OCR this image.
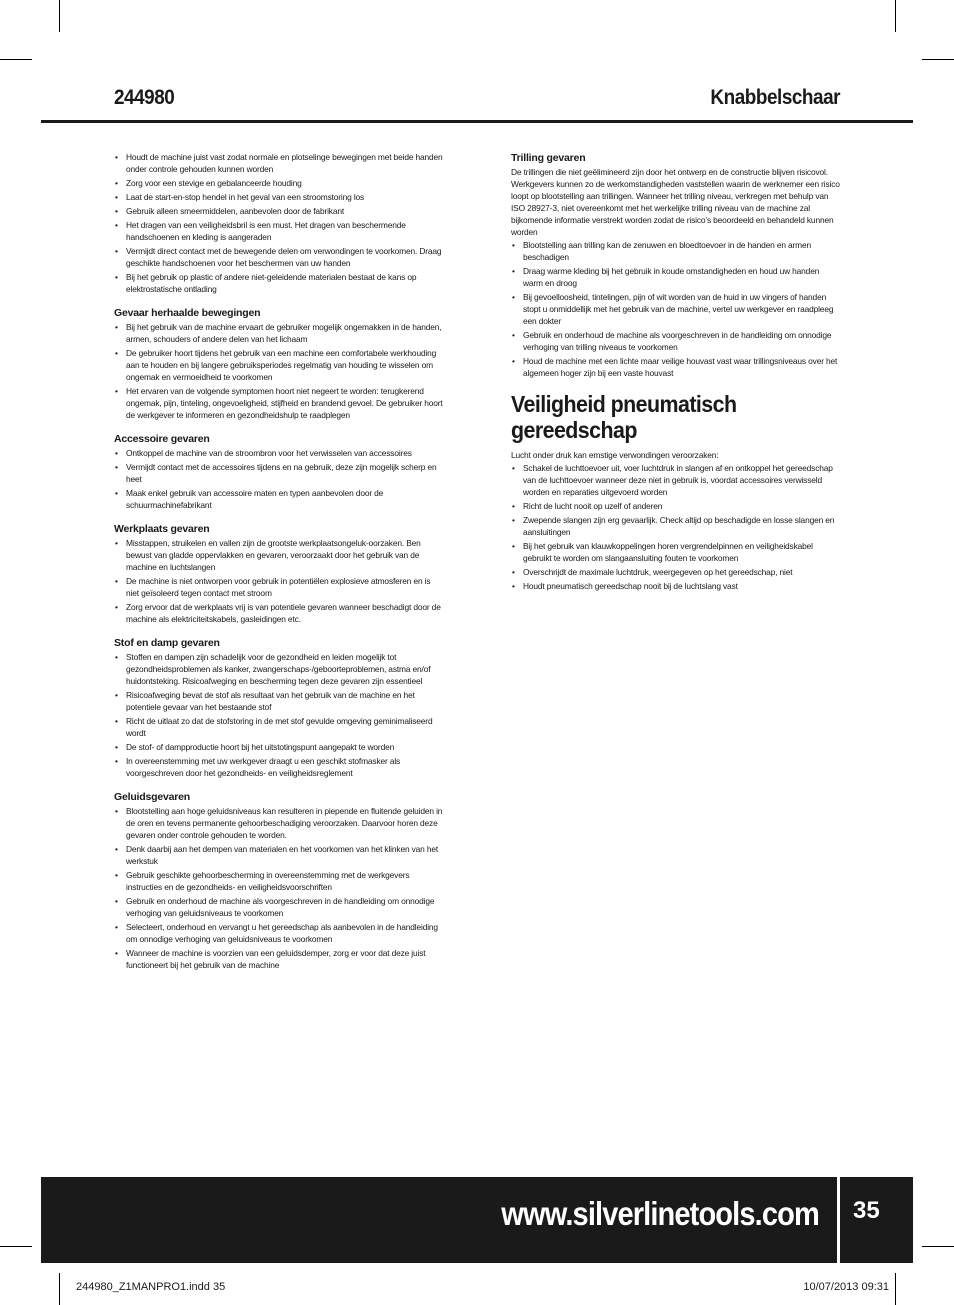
244980	Knabbelschaar
• Houdt de machine juist vast zodat normale en plotselinge bewegingen met beide handen onder controle gehouden kunnen worden
• Zorg voor een stevige en gebalanceerde houding
• Laat de start-en-stop hendel in het geval van een stroomstoring los
• Gebruik alleen smeermiddelen, aanbevolen door de fabrikant
• Het dragen van een veiligheidsbril is een must. Het dragen van beschermende handschoenen en kleding is aangeraden
• Vermijdt direct contact met de bewegende delen om verwondingen te voorkomen. Draag geschikte handschoenen voor het beschermen van uw handen
• Bij het gebruik op plastic of andere niet-geleidende materialen bestaat de kans op elektrostatische ontlading
Gevaar herhaalde bewegingen
• Bij het gebruik van de machine ervaart de gebruiker mogelijk ongemakken in de handen, armen, schouders of andere delen van het lichaam
• De gebruiker hoort tijdens het gebruik van een machine een comfortabele werkhouding aan te houden en bij langere gebruiksperiodes regelmatig van houding te wisselen om ongemak en vermoeidheid te voorkomen
• Het ervaren van de volgende symptomen hoort niet negeert te worden: terugkerend ongemak, pijn, tinteling, ongevoeligheid, stijfheid en brandend gevoel. De gebruiker hoort de werkgever te informeren en gezondheidshulp te raadplegen
Accessoire gevaren
• Ontkoppel de machine van de stroombron voor het verwisselen van accessoires
• Vermijdt contact met de accessoires tijdens en na gebruik, deze zijn mogelijk scherp en heet
• Maak enkel gebruik van accessoire maten en typen aanbevolen door de schuurmachinefabrikant
Werkplaats gevaren
• Misstappen, struikelen en vallen zijn de grootste werkplaatsongeluk-oorzaken. Ben bewust van gladde oppervlakken en gevaren, veroorzaakt door het gebruik van de machine en luchtslangen
• De machine is niet ontworpen voor gebruik in potentiëlen explosieve atmosferen en is niet geïsoleerd tegen contact met stroom
• Zorg ervoor dat de werkplaats vrij is van potentiele gevaren wanneer beschadigt door de machine als elektriciteitskabels, gasleidingen etc.
Stof en damp gevaren
• Stoffen en dampen zijn schadelijk voor de gezondheid en leiden mogelijk tot gezondheidsproblemen als kanker, zwangerschaps-/geboorteproblemen, astma en/of huidontsteking. Risicoafweging en bescherming tegen deze gevaren zijn essentieel
• Risicoafweging bevat de stof als resultaat van het gebruik van de machine en het potentiele gevaar van het bestaande stof
• Richt de uitlaat zo dat de stofstoring in de met stof gevulde omgeving geminimaliseerd wordt
• De stof- of dampproductie hoort bij het uitstotingspunt aangepakt te worden
• In overeenstemming met uw werkgever draagt u een geschikt stofmasker als voorgeschreven door het gezondheids- en veiligheidsreglement
Geluidsgevaren
• Blootstelling aan hoge geluidsniveaus kan resulteren in piepende en fluitende geluiden in de oren en tevens permanente gehoorbeschadiging veroorzaken. Daarvoor horen deze gevaren onder controle gehouden te worden.
• Denk daarbij aan het dempen van materialen en het voorkomen van het klinken van het werkstuk
• Gebruik geschikte gehoorbescherming in overeenstemming met de werkgevers instructies en de gezondheids- en veiligheidsvoorschriften
• Gebruik en onderhoud de machine als voorgeschreven in de handleiding om onnodige verhoging van geluidsniveaus te voorkomen
• Selecteert, onderhoud en vervangt u het gereedschap als aanbevolen in de handleiding om onnodige verhoging van geluidsniveaus te voorkomen
• Wanneer de machine is voorzien van een geluidsdemper, zorg er voor dat deze juist functioneert bij het gebruik van de machine
Trilling gevaren

De trillingen die niet geëlimineerd zijn door het ontwerp en de constructie blijven risicovol. Werkgevers kunnen zo de werkomstandigheden vaststellen waarin de werknemer een risico loopt op blootstelling aan trillingen. Wanneer het trilling niveau, verkregen met behulp van ISO 28927-3, niet overeenkomt met het werkelijke trilling niveau van de machine zal bijkomende informatie verstrekt worden zodat de risico’s beoordeeld en behandeld kunnen worden

• Blootstelling aan trilling kan de zenuwen en bloedtoevoer in de handen en armen beschadigen
• Draag warme kleding bij het gebruik in koude omstandigheden en houd uw handen warm en droog
• Bij gevoelloosheid, tintelingen, pijn of wit worden van de huid in uw vingers of handen stopt u onmiddellijk met het gebruik van de machine, vertel uw werkgever en raadpleeg een dokter
• Gebruik en onderhoud de machine als voorgeschreven in de handleiding om onnodige verhoging van trilling niveaus te voorkomen
• Houd de machine met een lichte maar veilige houvast vast waar trillingsniveaus over het algemeen hoger zijn bij een vaste houvast
Veiligheid pneumatisch gereedschap

Lucht onder druk kan emstige verwondingen veroorzaken:

• Schakel de luchttoevoer uit, voer luchtdruk in slangen af en ontkoppel het gereedschap van de luchttoevoer wanneer deze niet in gebruik is, voordat accessoires verwisseld worden en reparaties uitgevoerd worden
• Richt de lucht nooit op uzelf of anderen
• Zwepende slangen zijn erg gevaarlijk. Check altijd op beschadigde en losse slangen en aansluitingen
• Bij het gebruik van klauwkoppelingen horen vergrendelpinnen en veiligheidskabel gebruikt te worden om slangaansluiting fouten te voorkomen
• Overschrijdt de maximale luchtdruk, weergegeven op het gereedschap, niet
• Houdt pneumatisch gereedschap nooit bij de luchtslang vast
www.silverlinetools.com 35
244980_Z1MANPRO1.indd 35	10/07/2013 09:31
